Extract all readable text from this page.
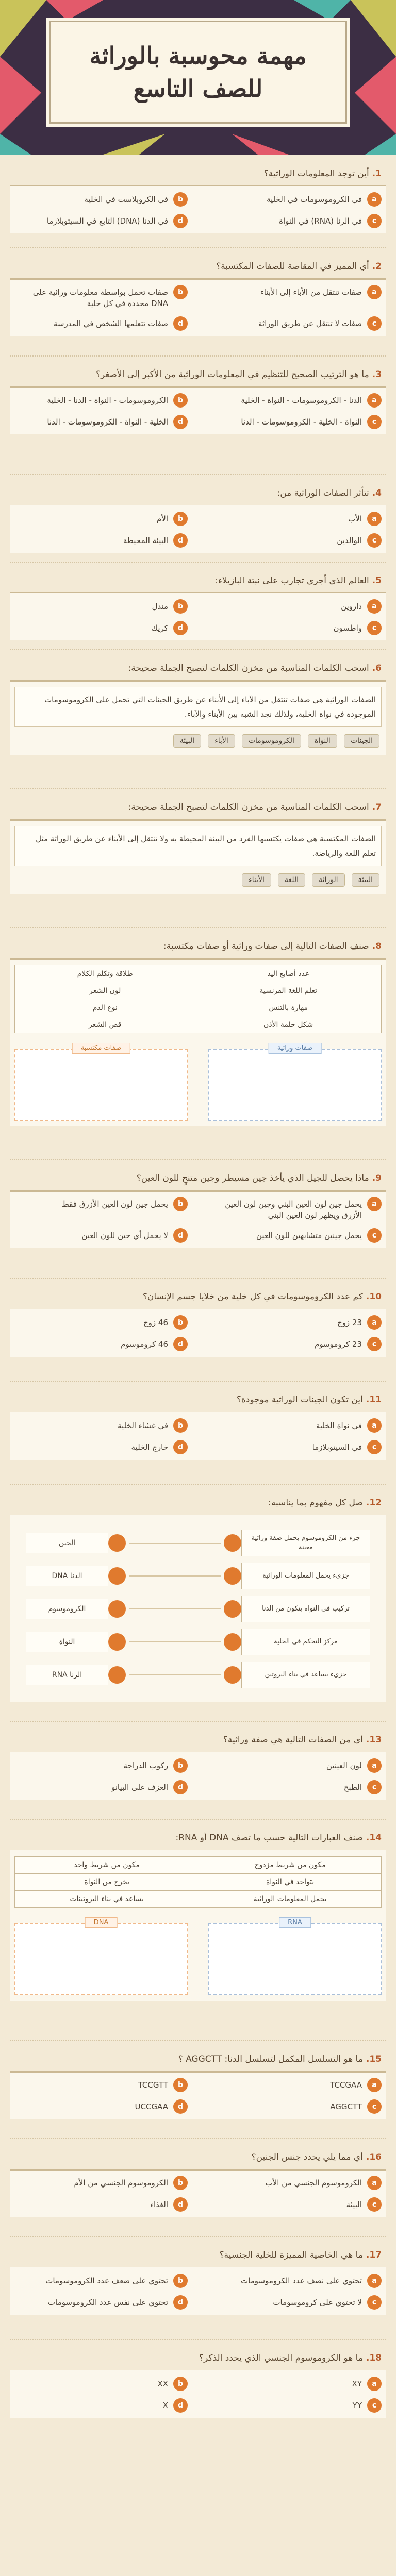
مهمة محوسبة بالوراثة
للصف التاسع
1.أين توجد المعلومات الوراثية؟
a
في الكروموسومات في الخلية
b
في الكروبلاست في الخلية
c
في الرنا (RNA) في النواة
d
في الدنا (DNA) التابع في السيتوبلازما
2.أي المميز في المقاصة للصفات المكتسبة؟
a
صفات تنتقل من الأباء إلى الأبناء
b
صفات تحمل بواسطة معلومات وراثية على DNA محددة في كل خلية
c
صفات لا تنتقل عن طريق الوراثة
d
صفات تتعلمها الشخص في المدرسة
3.ما هو الترتيب الصحيح للتنظيم في المعلومات الوراثية من الأكبر إلى الأصغر؟
a
الدنا - الكروموسومات - النواة - الخلية
b
الكروموسومات - النواة - الدنا - الخلية
c
النواة - الخلية - الكروموسومات - الدنا
d
الخلية - النواة - الكروموسومات - الدنا
4.تتأثر الصفات الوراثية من:
a
الأب
b
الأم
c
الوالدين
d
البيئة المحيطة
5.العالم الذي أجرى تجارب على نبتة البازيلاء:
a
داروين
b
مندل
c
واطسون
d
كريك
6.اسحب الكلمات المناسبة من مخزن الكلمات لتصبح الجملة صحيحة:
الصفات الوراثية هي صفات تنتقل من الآباء إلى الأبناء عن طريق الجينات التي تحمل على الكروموسومات الموجودة في نواة الخلية، ولذلك نجد الشبه بين الأبناء والآباء.
الجينات النواة الكروموسومات الأباء البيئة
7.اسحب الكلمات المناسبة من مخزن الكلمات لتصبح الجملة صحيحة:
الصفات المكتسبة هي صفات يكتسبها الفرد من البيئة المحيطة به ولا تنتقل إلى الأبناء عن طريق الوراثة مثل تعلم اللغة والرياضة.
البيئة الوراثة اللغة الأبناء
8.صنف الصفات التالية إلى صفات وراثية أو صفات مكتسبة:
عدد أصابع اليد	طلاقة وتكلم الكلام
تعلم اللغة الفرنسية	لون الشعر
مهارة بالتنس	نوع الدم
شكل حلمة الأذن	قص الشعر
صفات وراثية
صفات مكتسبة
9.ماذا يحصل للجيل الذي يأخذ جين مسيطر وجين متنحٍ للون العين؟
a
يحمل جين لون العين البني وجين لون العين الأزرق ويظهر لون العين البني
b
يحمل جين لون العين الأزرق فقط
c
يحمل جينين متشابهين للون العين
d
لا يحمل أي جين للون العين
10.كم عدد الكروموسومات في كل خلية من خلايا جسم الإنسان؟
a
23 زوج
b
46 زوج
c
23 كروموسوم
d
46 كروموسوم
11.أين تكون الجينات الوراثية موجودة؟
a
في نواة الخلية
b
في غشاء الخلية
c
في السيتوبلازما
d
خارج الخلية
12.صل كل مفهوم بما يناسبه:
جزء من الكروموسوم يحمل صفة وراثية معينة
الجين
جزيء يحمل المعلومات الوراثية
الدنا DNA
تركيب في النواة يتكون من الدنا
الكروموسوم
مركز التحكم في الخلية
النواة
جزيء يساعد في بناء البروتين
الرنا RNA
13.أي من الصفات التالية هي صفة وراثية؟
a
لون العينين
b
ركوب الدراجة
c
الطبخ
d
العزف على البيانو
14.صنف العبارات التالية حسب ما تصف DNA أو RNA:
مكون من شريط مزدوج	مكون من شريط واحد
يتواجد في النواة	يخرج من النواة
يحمل المعلومات الوراثية	يساعد في بناء البروتينات
RNA
DNA
15.ما هو التسلسل المكمل لتسلسل الدنا: AGGCTT ؟
a
TCCGAA
b
TCCGTT
c
AGGCTT
d
UCCGAA
16.أي مما يلي يحدد جنس الجنين؟
a
الكروموسوم الجنسي من الأب
b
الكروموسوم الجنسي من الأم
c
البيئة
d
الغذاء
17.ما هي الخاصية المميزة للخلية الجنسية؟
a
تحتوي على نصف عدد الكروموسومات
b
تحتوي على ضعف عدد الكروموسومات
c
لا تحتوي على كروموسومات
d
تحتوي على نفس عدد الكروموسومات
18.ما هو الكروموسوم الجنسي الذي يحدد الذكر؟
a
XY
b
XX
c
YY
d
X
